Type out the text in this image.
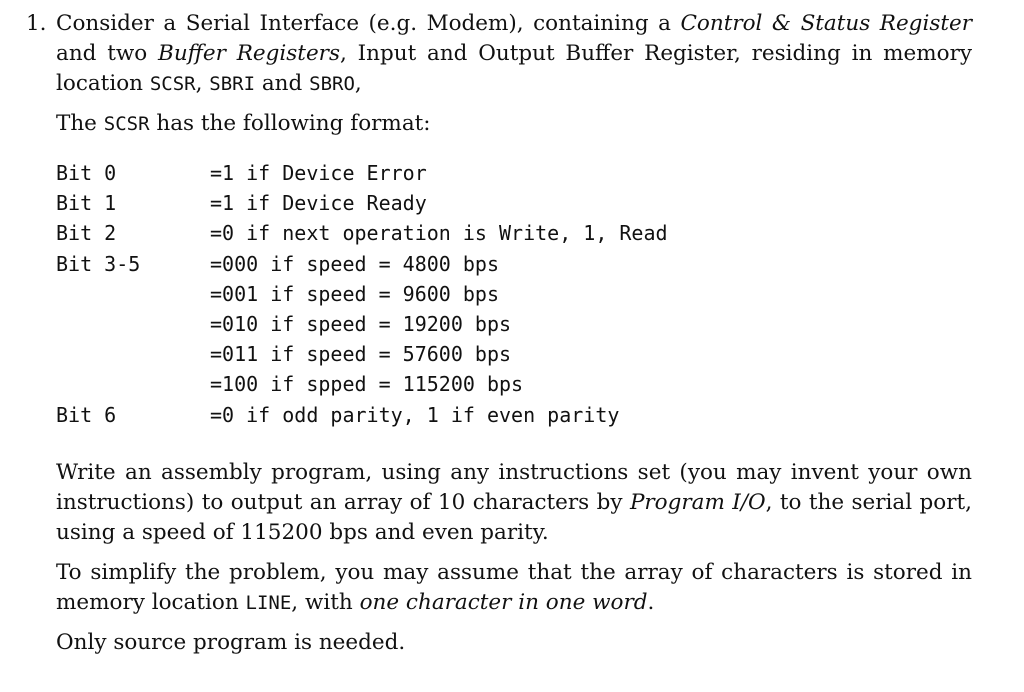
1. Consider a Serial Interface (e.g. Modem), containing a Control & Status Register and two Buffer Registers, Input and Output Buffer Register, residing in memory location SCSR, SBRI and SBRO,

The SCSR has the following format:

Bit 0	=1 if Device Error
Bit 1	=1 if Device Ready
Bit 2	=0 if next operation is Write, 1, Read
Bit 3-5	=000 if speed = 4800 bps
=001 if speed = 9600 bps
=010 if speed = 19200 bps
=011 if speed = 57600 bps
=100 if spped = 115200 bps
Bit 6	=0 if odd parity, 1 if even parity

Write an assembly program, using any instructions set (you may invent your own instructions) to output an array of 10 characters by Program I/O, to the serial port, using a speed of 115200 bps and even parity.

To simplify the problem, you may assume that the array of characters is stored in memory location LINE, with one character in one word.

Only source program is needed.
